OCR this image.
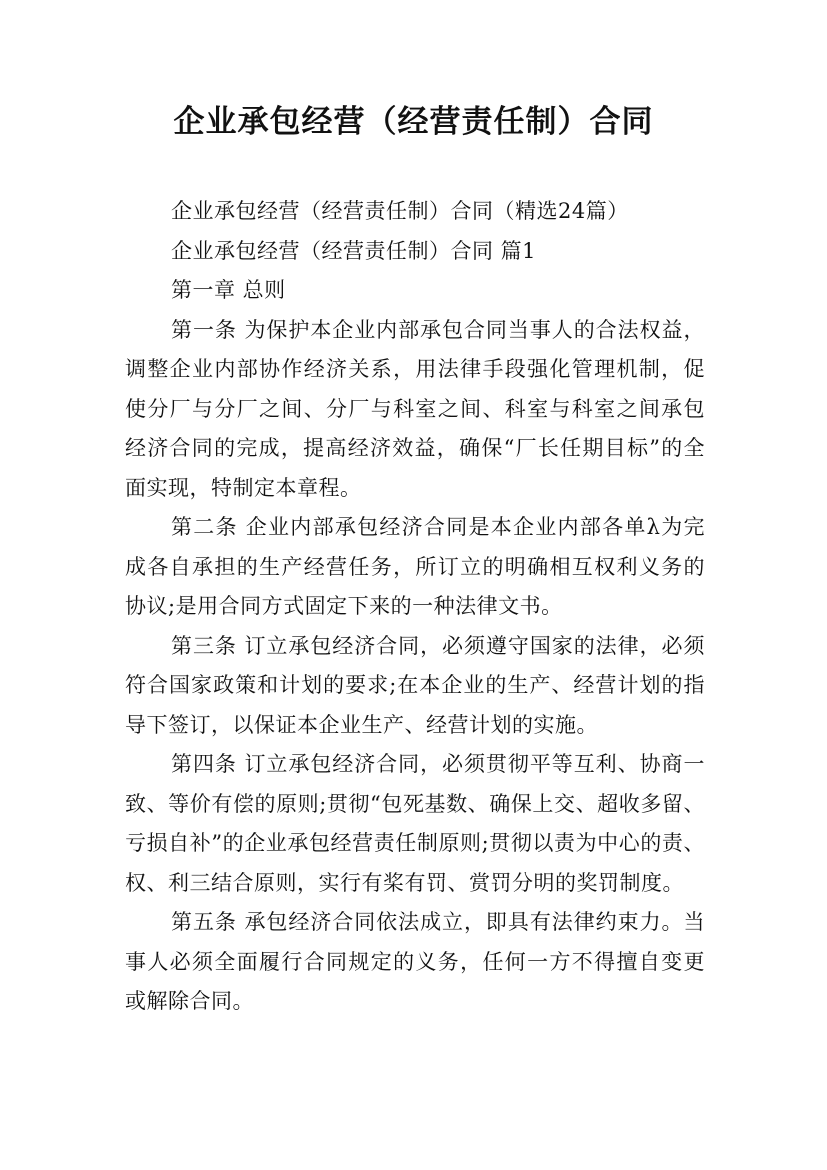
企业承包经营（经营责任制）合同

企业承包经营（经营责任制）合同（精选24篇）

企业承包经营（经营责任制）合同 篇1

第一章 总则

第一条 为保护本企业内部承包合同当事人的合法权益，调整企业内部协作经济关系，用法律手段强化管理机制，促使分厂与分厂之间、分厂与科室之间、科室与科室之间承包经济合同的完成，提高经济效益，确保“厂长任期目标”的全面实现，特制定本章程。

第二条 企业内部承包经济合同是本企业内部各单λ为完成各自承担的生产经营任务，所订立的明确相互权利义务的协议;是用合同方式固定下来的一种法律文书。

第三条 订立承包经济合同，必须遵守国家的法律，必须符合国家政策和计划的要求;在本企业的生产、经营计划的指导下签订，以保证本企业生产、经营计划的实施。

第四条 订立承包经济合同，必须贯彻平等互利、协商一致、等价有偿的原则;贯彻“包死基数、确保上交、超收多留、亏损自补”的企业承包经营责任制原则;贯彻以责为中心的责、权、利三结合原则，实行有桨有罚、赏罚分明的奖罚制度。

第五条 承包经济合同依法成立，即具有法律约束力。当事人必须全面履行合同规定的义务，任何一方不得擅自变更或解除合同。
